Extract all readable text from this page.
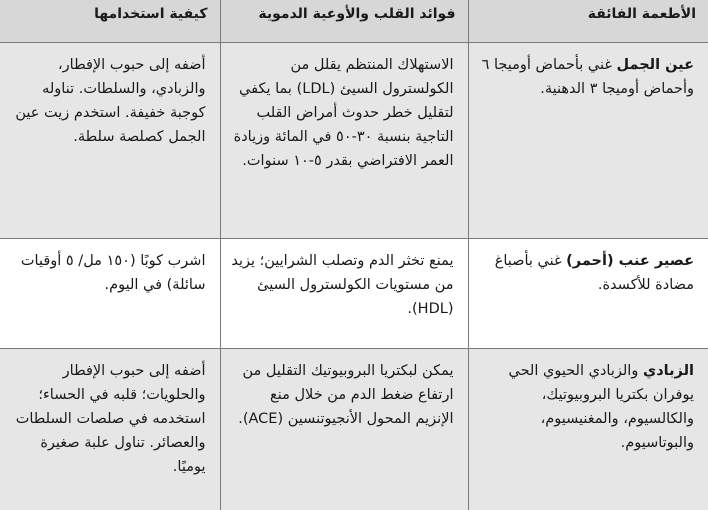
الأطعمة الفائقة	فوائد القلب والأوعية الدموية	كيفية استخدامها
عين الجمل غني بأحماض أوميجا ٦ وأحماض أوميجا ٣ الدهنية.	الاستهلاك المنتظم يقلل من الكولسترول السيئ (LDL) بما يكفي لتقليل خطر حدوث أمراض القلب التاجية بنسبة ٣٠-٥٠ في المائة وزيادة العمر الافتراضي بقدر ٥-١٠ سنوات.	أضفه إلى حبوب الإفطار، والزبادي، والسلطات. تناوله كوجبة خفيفة. استخدم زيت عين الجمل كصلصة سلطة.
عصير عنب (أحمر) غني بأصباغ مضادة للأكسدة.	يمنع تخثر الدم وتصلب الشرايين؛ يزيد من مستويات الكولسترول السيئ (HDL).	اشرب كوبًا (١٥٠ مل/ ٥ أوقيات سائلة) في اليوم.
الزبادي والزبادي الحيوي الحي يوفران بكتريا البروبيوتيك، والكالسيوم، والمغنيسيوم، والبوتاسيوم.	يمكن لبكتريا البروبيوتيك التقليل من ارتفاع ضغط الدم من خلال منع الإنزيم المحول الأنجيوتنسين (ACE).	أضفه إلى حبوب الإفطار والحلويات؛ قلبه في الحساء؛ استخدمه في صلصات السلطات والعصائر. تناول علبة صغيرة يوميًا.
